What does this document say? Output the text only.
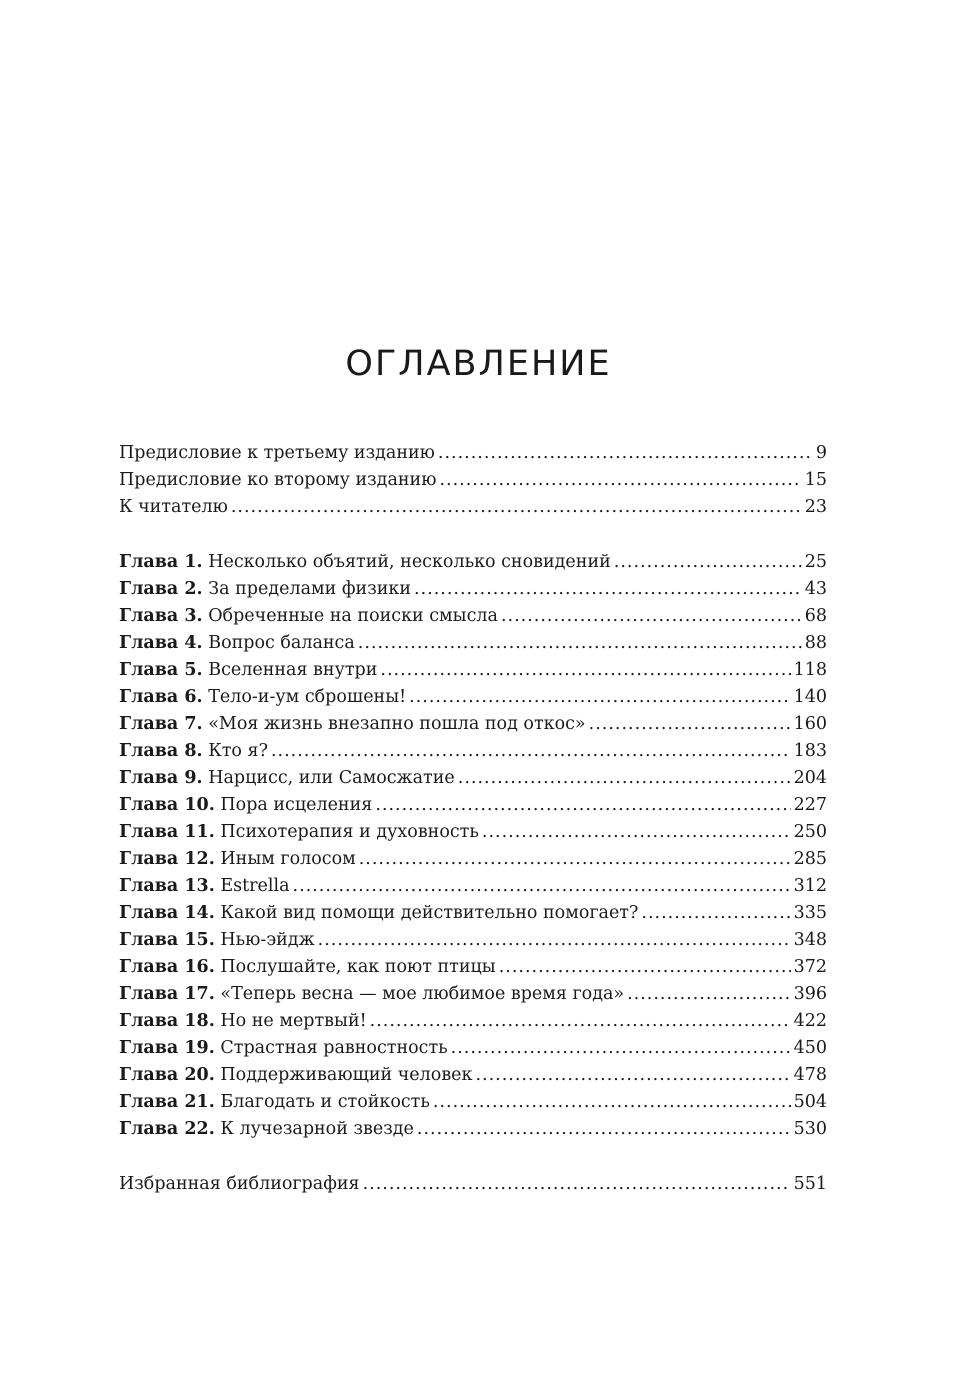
ОГЛАВЛЕНИЕ
Предисловие к третьему изданию .....	9
Предисловие ко второму изданию .....	15
К читателю .....	23
Глава 1. Несколько объятий, несколько сновидений .....	25
Глава 2. За пределами физики .....	43
Глава 3. Обреченные на поиски смысла .....	68
Глава 4. Вопрос баланса .....	88
Глава 5. Вселенная внутри .....	118
Глава 6. Тело-и-ум сброшены! .....	140
Глава 7. «Моя жизнь внезапно пошла под откос» .....	160
Глава 8. Кто я? .....	183
Глава 9. Нарцисс, или Самосжатие .....	204
Глава 10. Пора исцеления .....	227
Глава 11. Психотерапия и духовность .....	250
Глава 12. Иным голосом .....	285
Глава 13. Estrella .....	312
Глава 14. Какой вид помощи действительно помогает? .....	335
Глава 15. Нью-эйдж .....	348
Глава 16. Послушайте, как поют птицы .....	372
Глава 17. «Теперь весна — мое любимое время года» .....	396
Глава 18. Но не мертвый! .....	422
Глава 19. Страстная равностность .....	450
Глава 20. Поддерживающий человек .....	478
Глава 21. Благодать и стойкость .....	504
Глава 22. К лучезарной звезде .....	530
Избранная библиография .....	551
